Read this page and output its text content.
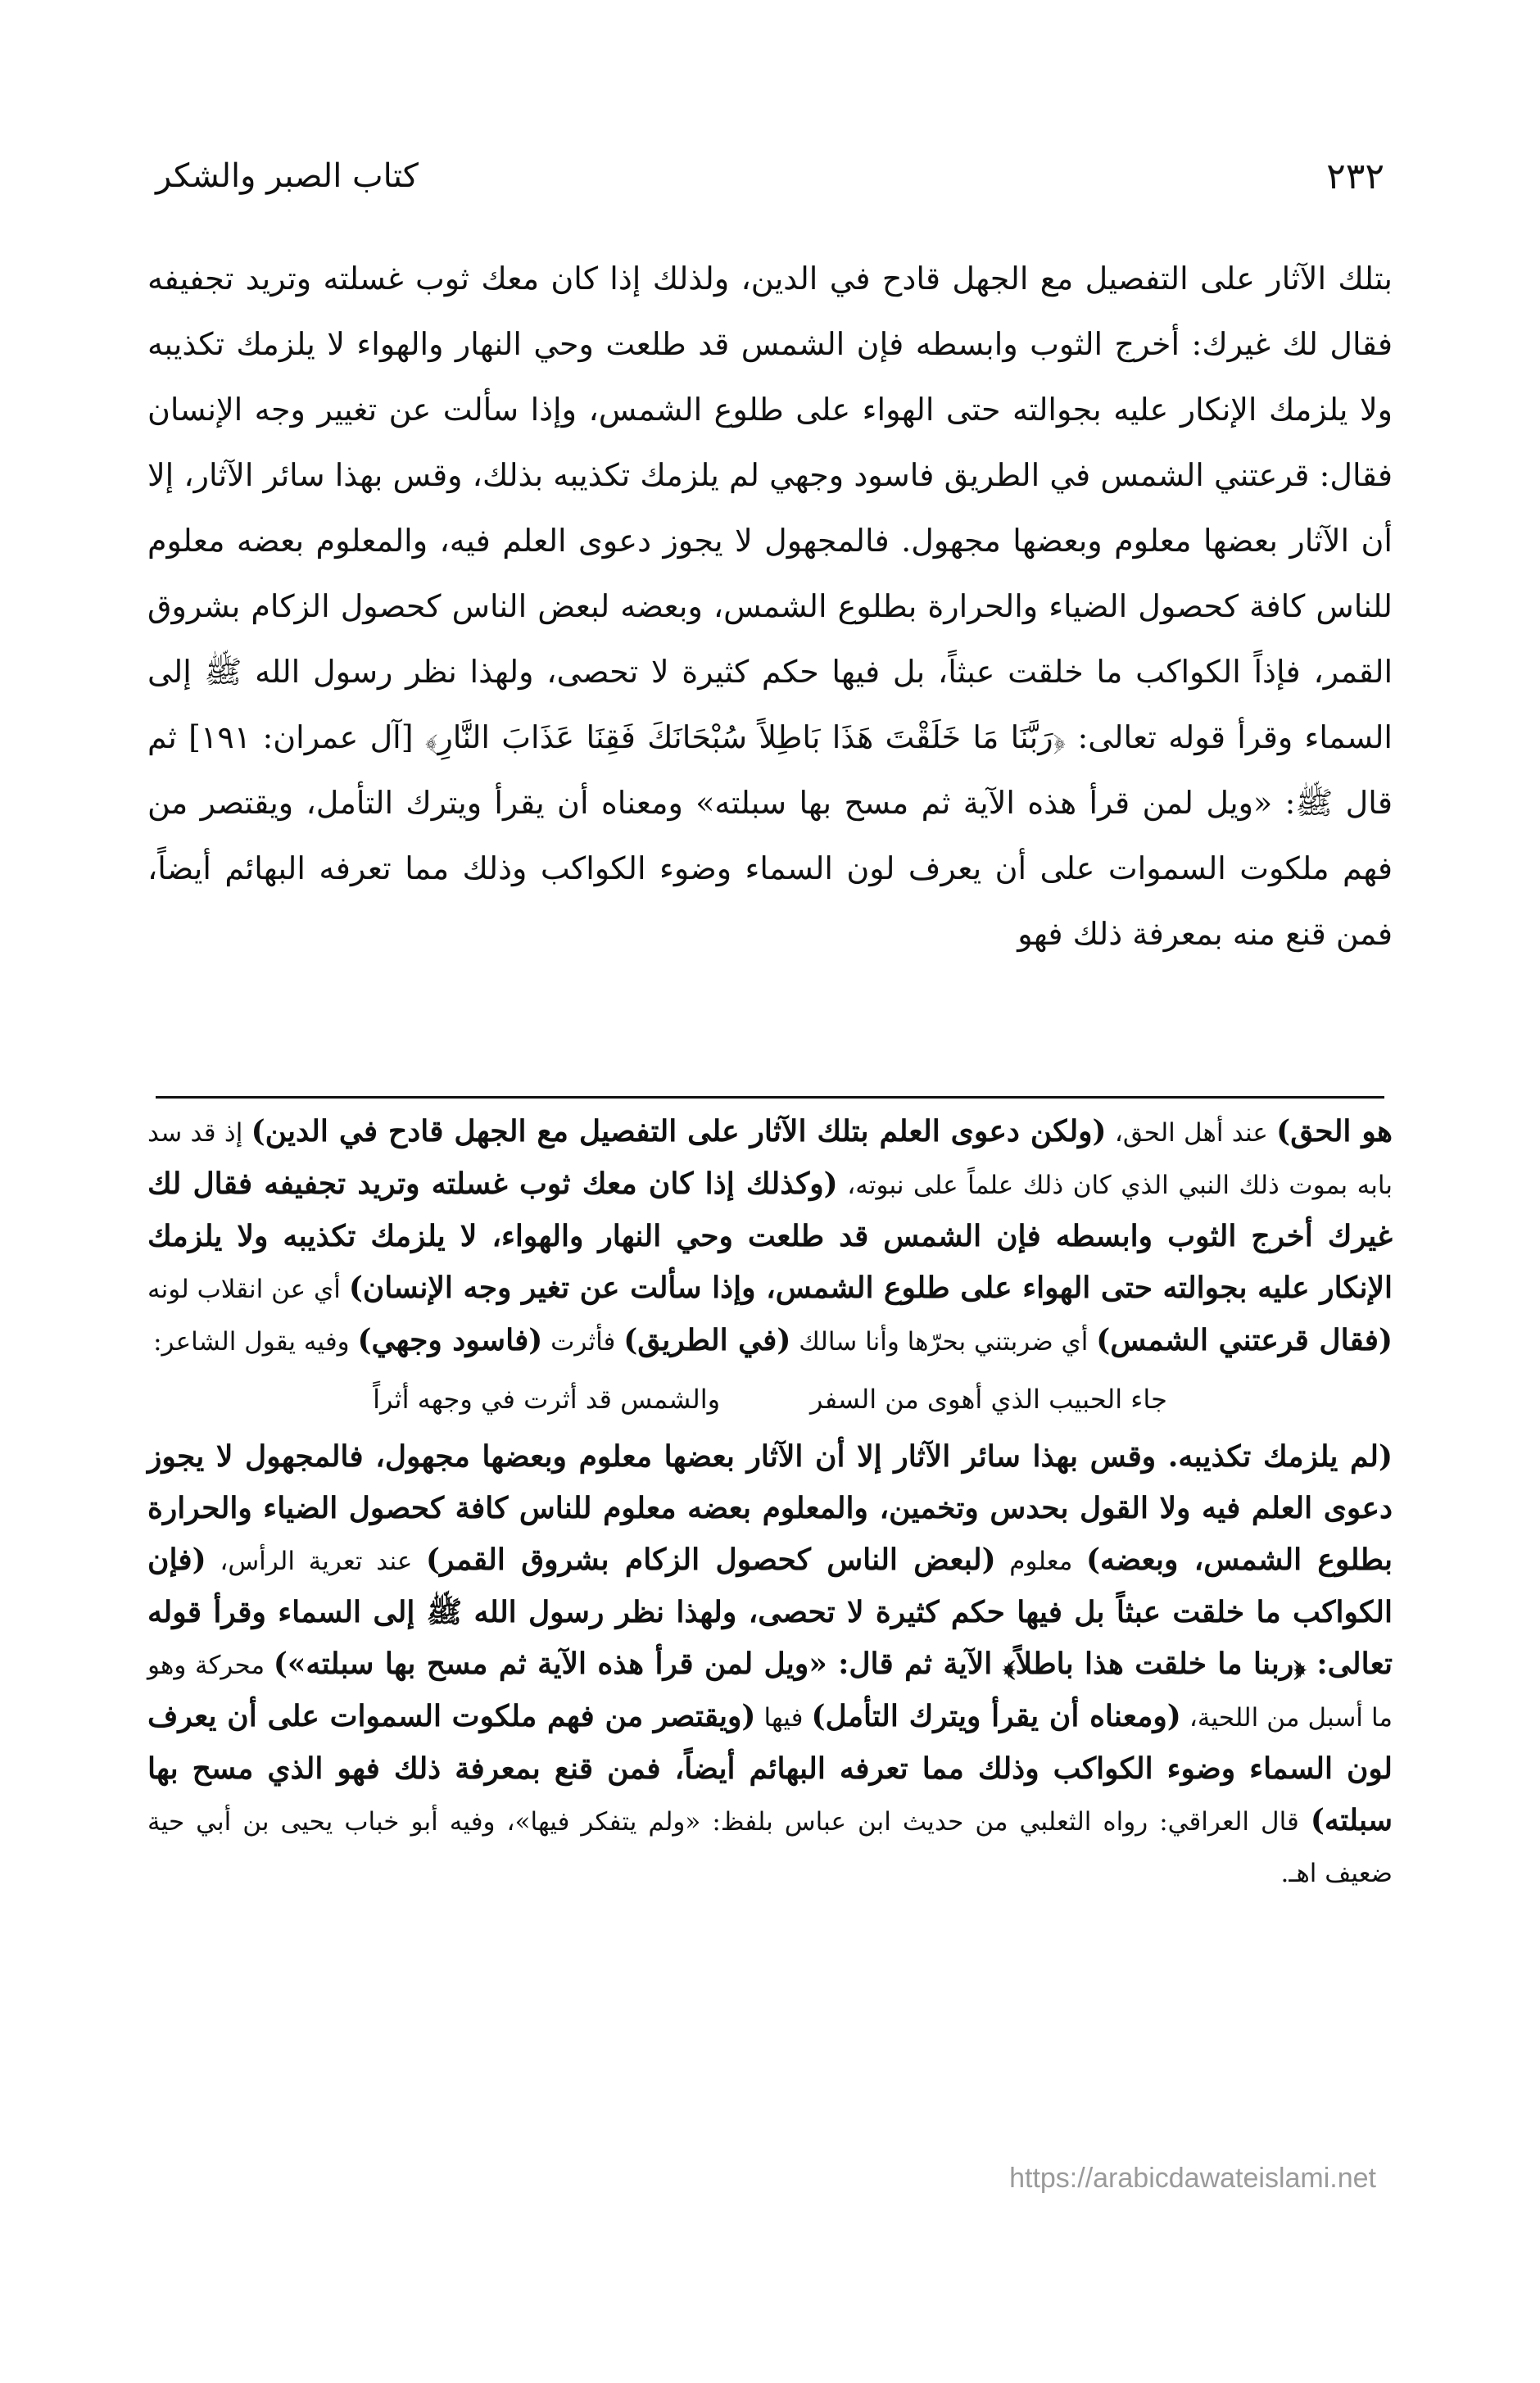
٢٣٢
كتاب الصبر والشكر

بتلك الآثار على التفصيل مع الجهل قادح في الدين، ولذلك إذا كان معك ثوب غسلته وتريد تجفيفه فقال لك غيرك: أخرج الثوب وابسطه فإن الشمس قد طلعت وحي النهار والهواء لا يلزمك تكذيبه ولا يلزمك الإنكار عليه بجوالته حتى الهواء على طلوع الشمس، وإذا سألت عن تغيير وجه الإنسان فقال: قرعتني الشمس في الطريق فاسود وجهي لم يلزمك تكذيبه بذلك، وقس بهذا سائر الآثار، إلا أن الآثار بعضها معلوم وبعضها مجهول. فالمجهول لا يجوز دعوى العلم فيه، والمعلوم بعضه معلوم للناس كافة كحصول الضياء والحرارة بطلوع الشمس، وبعضه لبعض الناس كحصول الزكام بشروق القمر، فإذاً الكواكب ما خلقت عبثاً، بل فيها حكم كثيرة لا تحصى، ولهذا نظر رسول الله ﷺ إلى السماء وقرأ قوله تعالى: ﴿رَبَّنَا مَا خَلَقْتَ هَذَا بَاطِلاً سُبْحَانَكَ فَقِنَا عَذَابَ النَّارِ﴾ [آل عمران: ١٩١] ثم قال ﷺ: «ويل لمن قرأ هذه الآية ثم مسح بها سبلته» ومعناه أن يقرأ ويترك التأمل، ويقتصر من فهم ملكوت السموات على أن يعرف لون السماء وضوء الكواكب وذلك مما تعرفه البهائم أيضاً، فمن قنع منه بمعرفة ذلك فهو

هو الحق) عند أهل الحق، (ولكن دعوى العلم بتلك الآثار على التفصيل مع الجهل قادح في الدين) إذ قد سد بابه بموت ذلك النبي الذي كان ذلك علماً على نبوته، (وكذلك إذا كان معك ثوب غسلته وتريد تجفيفه فقال لك غيرك أخرج الثوب وابسطه فإن الشمس قد طلعت وحي النهار والهواء، لا يلزمك تكذيبه ولا يلزمك الإنكار عليه بجوالته حتى الهواء على طلوع الشمس، وإذا سألت عن تغير وجه الإنسان) أي عن انقلاب لونه (فقال قرعتني الشمس) أي ضربتني بحرّها وأنا سالك (في الطريق) فأثرت (فاسود وجهي) وفيه يقول الشاعر:

جاء الحبيب الذي أهوى من السفر
والشمس قد أثرت في وجهه أثراً

(لم يلزمك تكذيبه. وقس بهذا سائر الآثار إلا أن الآثار بعضها معلوم وبعضها مجهول، فالمجهول لا يجوز دعوى العلم فيه ولا القول بحدس وتخمين، والمعلوم بعضه معلوم للناس كافة كحصول الضياء والحرارة بطلوع الشمس، وبعضه) معلوم (لبعض الناس كحصول الزكام بشروق القمر) عند تعرية الرأس، (فإن الكواكب ما خلقت عبثاً بل فيها حكم كثيرة لا تحصى، ولهذا نظر رسول الله ﷺ إلى السماء وقرأ قوله تعالى: ﴿ربنا ما خلقت هذا باطلاً﴾ الآية ثم قال: «ويل لمن قرأ هذه الآية ثم مسح بها سبلته») محركة وهو ما أسبل من اللحية، (ومعناه أن يقرأ ويترك التأمل) فيها (ويقتصر من فهم ملكوت السموات على أن يعرف لون السماء وضوء الكواكب وذلك مما تعرفه البهائم أيضاً، فمن قنع بمعرفة ذلك فهو الذي مسح بها سبلته) قال العراقي: رواه الثعلبي من حديث ابن عباس بلفظ: «ولم يتفكر فيها»، وفيه أبو خباب يحيى بن أبي حية ضعيف اهـ.

https://arabicdawateislami.net
